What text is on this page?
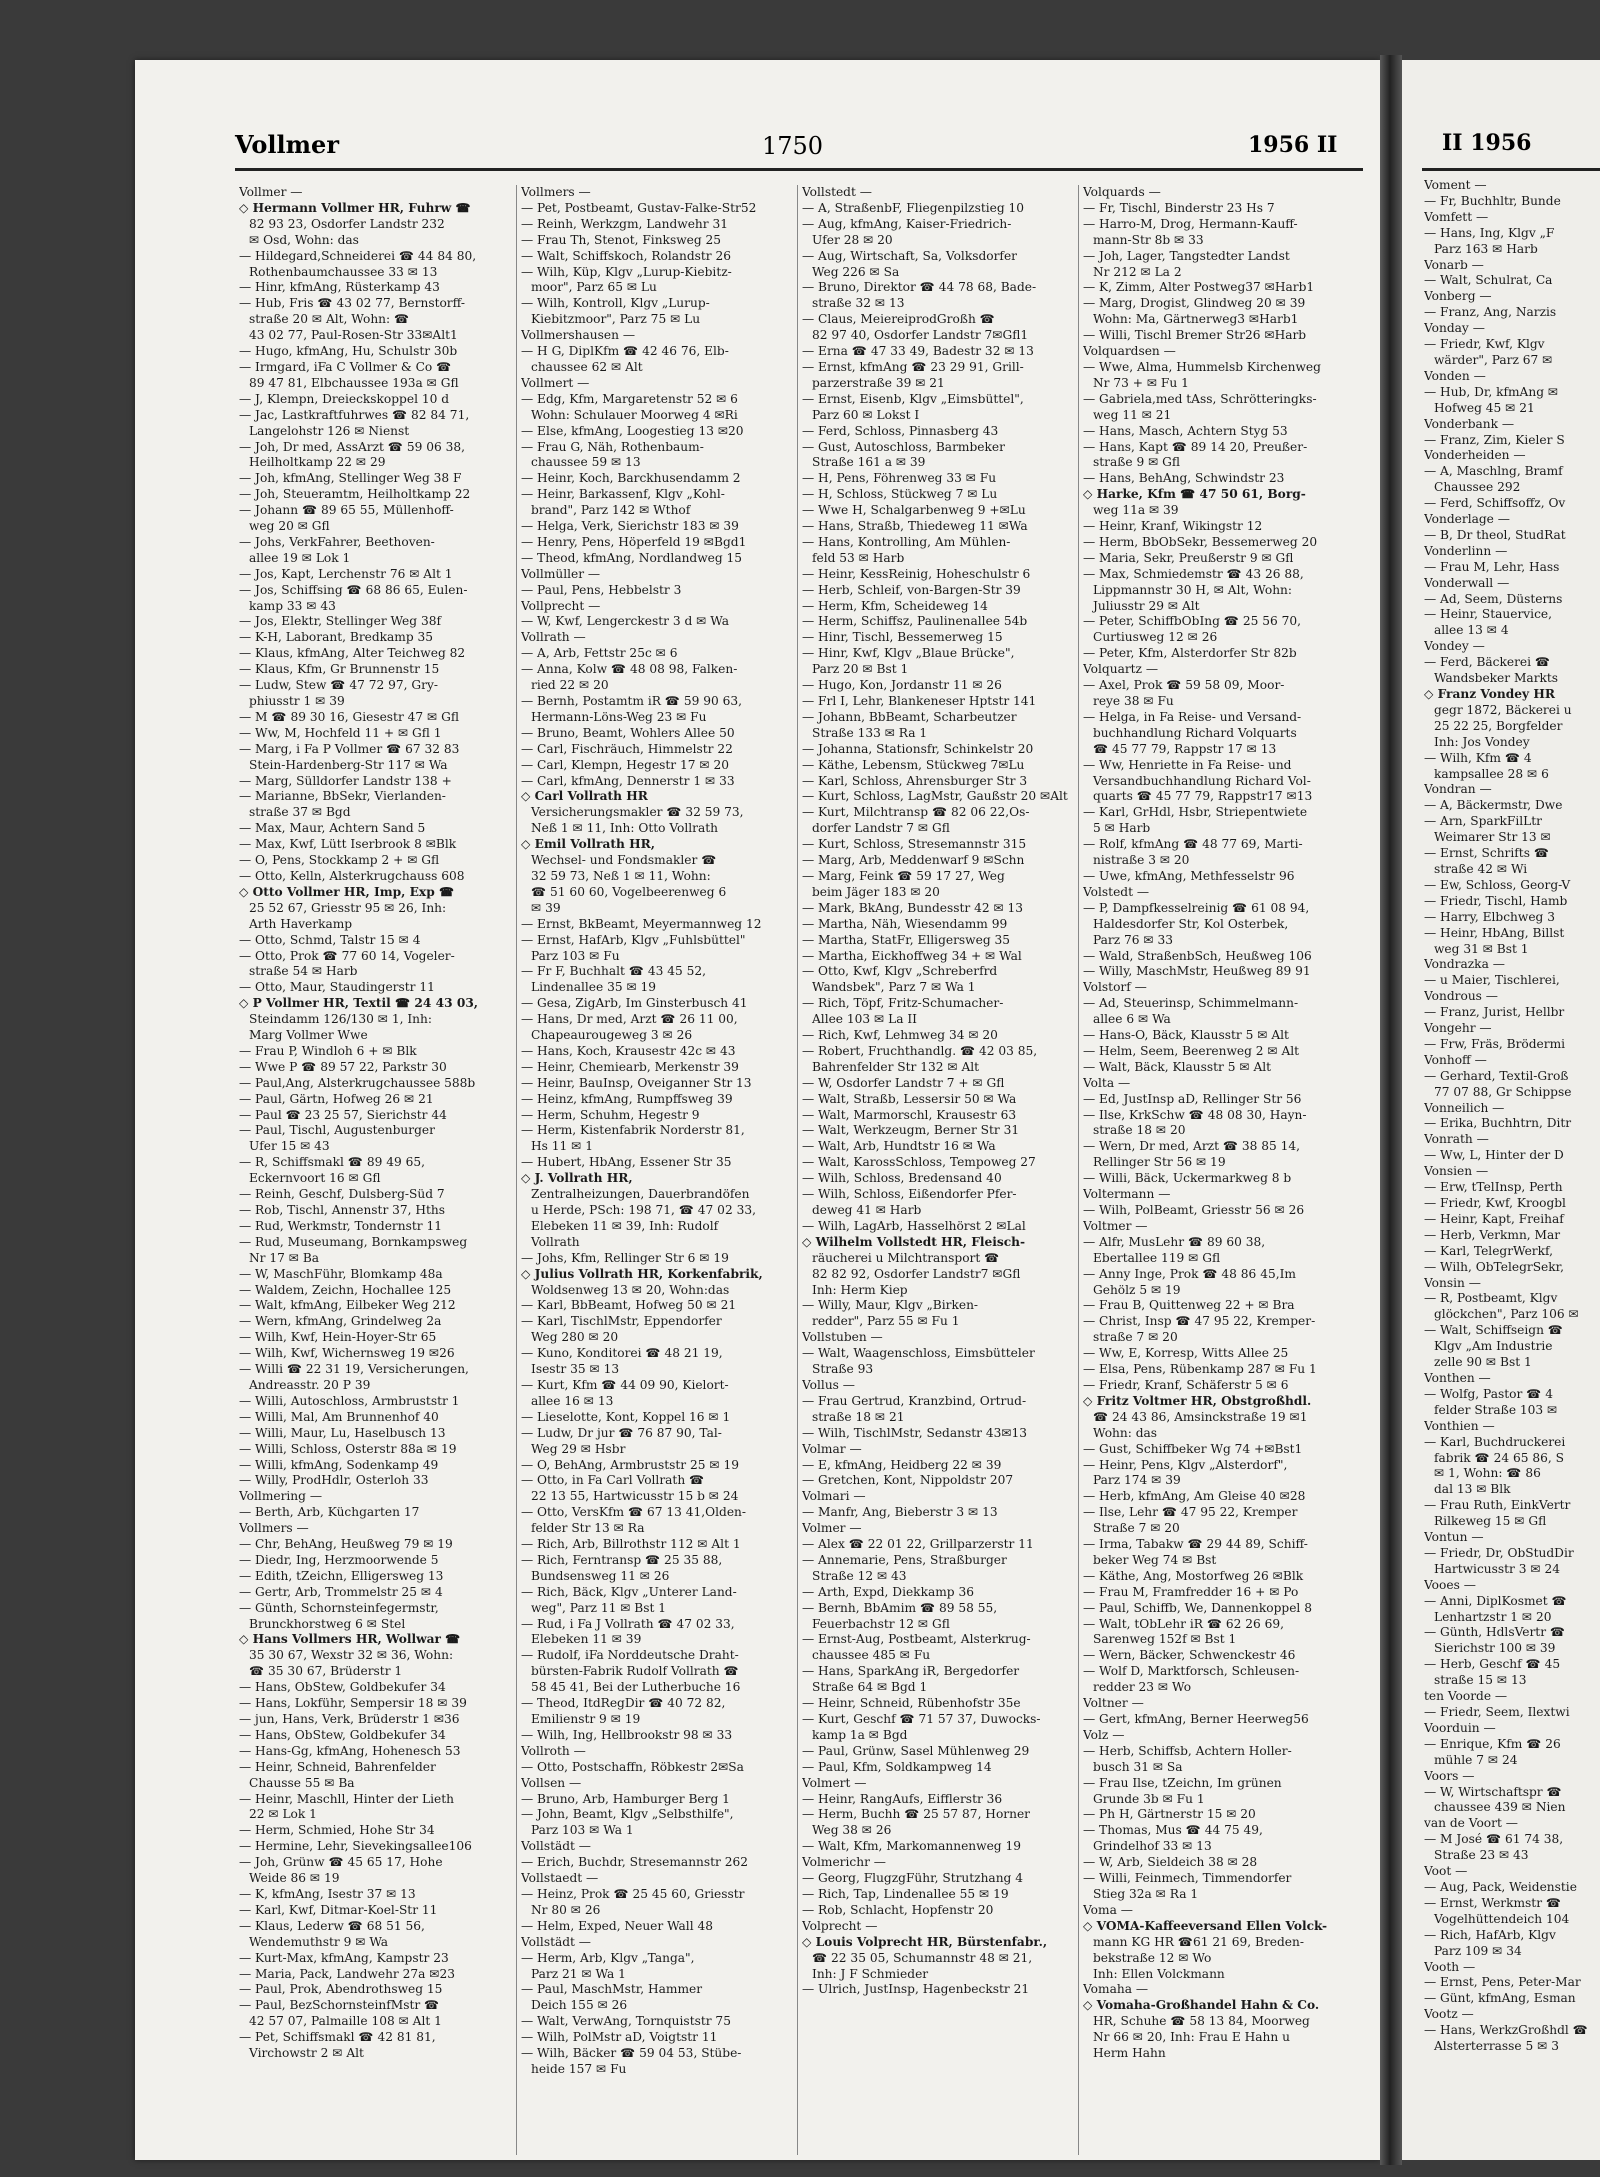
Vollmer —
◇ Hermann Vollmer HR, Fuhrw ☎
82 93 23, Osdorfer Landstr 232
✉ Osd, Wohn: das
— Hildegard,Schneiderei ☎ 44 84 80,
Rothenbaumchaussee 33 ✉ 13
— Hinr, kfmAng, Rüsterkamp 43
— Hub, Fris ☎ 43 02 77, Bernstorff-
straße 20 ✉ Alt, Wohn: ☎
43 02 77, Paul-Rosen-Str 33✉Alt1
— Hugo, kfmAng, Hu, Schulstr 30b
— Irmgard, iFa C Vollmer & Co ☎
89 47 81, Elbchaussee 193a ✉ Gfl
— J, Klempn, Dreieckskoppel 10 d
— Jac, Lastkraftfuhrwes ☎ 82 84 71,
Langelohstr 126 ✉ Nienst
— Joh, Dr med, AssArzt ☎ 59 06 38,
Heilholtkamp 22 ✉ 29
— Joh, kfmAng, Stellinger Weg 38 F
— Joh, Steueramtm, Heilholtkamp 22
— Johann ☎ 89 65 55, Müllenhoff-
weg 20 ✉ Gfl
— Johs, VerkFahrer, Beethoven-
allee 19 ✉ Lok 1
— Jos, Kapt, Lerchenstr 76 ✉ Alt 1
— Jos, Schiffsing ☎ 68 86 65, Eulen-
kamp 33 ✉ 43
— Jos, Elektr, Stellinger Weg 38f
— K-H, Laborant, Bredkamp 35
— Klaus, kfmAng, Alter Teichweg 82
— Klaus, Kfm, Gr Brunnenstr 15
— Ludw, Stew ☎ 47 72 97, Gry-
phiusstr 1 ✉ 39
— M ☎ 89 30 16, Giesestr 47 ✉ Gfl
— Ww, M, Hochfeld 11 + ✉ Gfl 1
— Marg, i Fa P Vollmer ☎ 67 32 83
Stein-Hardenberg-Str 117 ✉ Wa
— Marg, Sülldorfer Landstr 138 +
— Marianne, BbSekr, Vierlanden-
straße 37 ✉ Bgd
— Max, Maur, Achtern Sand 5
— Max, Kwf, Lütt Iserbrook 8 ✉Blk
— O, Pens, Stockkamp 2 + ✉ Gfl
— Otto, Kelln, Alsterkrugchauss 608
◇ Otto Vollmer HR, Imp, Exp ☎
25 52 67, Griesstr 95 ✉ 26, Inh:
Arth Haverkamp
— Otto, Schmd, Talstr 15 ✉ 4
— Otto, Prok ☎ 77 60 14, Vogeler-
straße 54 ✉ Harb
— Otto, Maur, Staudingerstr 11
◇ P Vollmer HR, Textil ☎ 24 43 03,
Steindamm 126/130 ✉ 1, Inh:
Marg Vollmer Wwe
— Frau P, Windloh 6 + ✉ Blk
— Wwe P ☎ 89 57 22, Parkstr 30
— Paul,Ang, Alsterkrugchaussee 588b
— Paul, Gärtn, Hofweg 26 ✉ 21
— Paul ☎ 23 25 57, Sierichstr 44
— Paul, Tischl, Augustenburger
Ufer 15 ✉ 43
— R, Schiffsmakl ☎ 89 49 65,
Eckernvoort 16 ✉ Gfl
— Reinh, Geschf, Dulsberg-Süd 7
— Rob, Tischl, Annenstr 37, Hths
— Rud, Werkmstr, Tondernstr 11
— Rud, Museumang, Bornkampsweg
Nr 17 ✉ Ba
— W, MaschFühr, Blomkamp 48a
— Waldem, Zeichn, Hochallee 125
— Walt, kfmAng, Eilbeker Weg 212
— Wern, kfmAng, Grindelweg 2a
— Wilh, Kwf, Hein-Hoyer-Str 65
— Wilh, Kwf, Wichernsweg 19 ✉26
— Willi ☎ 22 31 19, Versicherungen,
Andreasstr. 20 P 39
— Willi, Autoschloss, Armbruststr 1
— Willi, Mal, Am Brunnenhof 40
— Willi, Maur, Lu, Haselbusch 13
— Willi, Schloss, Osterstr 88a ✉ 19
— Willi, kfmAng, Sodenkamp 49
— Willy, ProdHdlr, Osterloh 33
Vollmering —
— Berth, Arb, Küchgarten 17
Vollmers —
— Chr, BehAng, Heußweg 79 ✉ 19
— Diedr, Ing, Herzmoorwende 5
— Edith, tZeichn, Elligersweg 13
— Gertr, Arb, Trommelstr 25 ✉ 4
— Günth, Schornsteinfegermstr,
Brunckhorstweg 6 ✉ Stel
◇ Hans Vollmers HR, Wollwar ☎
35 30 67, Wexstr 32 ✉ 36, Wohn:
☎ 35 30 67, Brüderstr 1
— Hans, ObStew, Goldbekufer 34
— Hans, Lokführ, Sempersir 18 ✉ 39
— jun, Hans, Verk, Brüderstr 1 ✉36
— Hans, ObStew, Goldbekufer 34
— Hans-Gg, kfmAng, Hohenesch 53
— Heinr, Schneid, Bahrenfelder
Chausse 55 ✉ Ba
— Heinr, Maschll, Hinter der Lieth
22 ✉ Lok 1
— Herm, Schmied, Hohe Str 34
— Hermine, Lehr, Sievekingsallee106
— Joh, Grünw ☎ 45 65 17, Hohe
Weide 86 ✉ 19
— K, kfmAng, Isestr 37 ✉ 13
— Karl, Kwf, Ditmar-Koel-Str 11
— Klaus, Lederw ☎ 68 51 56,
Wendemuthstr 9 ✉ Wa
— Kurt-Max, kfmAng, Kampstr 23
— Maria, Pack, Landwehr 27a ✉23
— Paul, Prok, Abendrothsweg 15
— Paul, BezSchornsteinfMstr ☎
42 57 07, Palmaille 108 ✉ Alt 1
— Pet, Schiffsmakl ☎ 42 81 81,
Virchowstr 2 ✉ Alt
Vollmers —
— Pet, Postbeamt, Gustav-Falke-Str52
— Reinh, Werkzgm, Landwehr 31
— Frau Th, Stenot, Finksweg 25
— Walt, Schiffskoch, Rolandstr 26
— Wilh, Küp, Klgv „Lurup-Kiebitz-
moor", Parz 65 ✉ Lu
— Wilh, Kontroll, Klgv „Lurup-
Kiebitzmoor", Parz 75 ✉ Lu
Vollmershausen —
— H G, DiplKfm ☎ 42 46 76, Elb-
chaussee 62 ✉ Alt
Vollmert —
— Edg, Kfm, Margaretenstr 52 ✉ 6
Wohn: Schulauer Moorweg 4 ✉Ri
— Else, kfmAng, Loogestieg 13 ✉20
— Frau G, Näh, Rothenbaum-
chaussee 59 ✉ 13
— Heinr, Koch, Barckhusendamm 2
— Heinr, Barkassenf, Klgv „Kohl-
brand", Parz 142 ✉ Wthof
— Helga, Verk, Sierichstr 183 ✉ 39
— Henry, Pens, Höperfeld 19 ✉Bgd1
— Theod, kfmAng, Nordlandweg 15
Vollmüller —
— Paul, Pens, Hebbelstr 3
Vollprecht —
— W, Kwf, Lengerckestr 3 d ✉ Wa
Vollrath —
— A, Arb, Fettstr 25c ✉ 6
— Anna, Kolw ☎ 48 08 98, Falken-
ried 22 ✉ 20
— Bernh, Postamtm iR ☎ 59 90 63,
Hermann-Löns-Weg 23 ✉ Fu
— Bruno, Beamt, Wohlers Allee 50
— Carl, Fischräuch, Himmelstr 22
— Carl, Klempn, Hegestr 17 ✉ 20
— Carl, kfmAng, Dennerstr 1 ✉ 33
◇ Carl Vollrath HR
Versicherungsmakler ☎ 32 59 73,
Neß 1 ✉ 11, Inh: Otto Vollrath
◇ Emil Vollrath HR,
Wechsel- und Fondsmakler ☎
32 59 73, Neß 1 ✉ 11, Wohn:
☎ 51 60 60, Vogelbeerenweg 6
✉ 39
— Ernst, BkBeamt, Meyermannweg 12
— Ernst, HafArb, Klgv „Fuhlsbüttel"
Parz 103 ✉ Fu
— Fr F, Buchhalt ☎ 43 45 52,
Lindenallee 35 ✉ 19
— Gesa, ZigArb, Im Ginsterbusch 41
— Hans, Dr med, Arzt ☎ 26 11 00,
Chapeaurougeweg 3 ✉ 26
— Hans, Koch, Krausestr 42c ✉ 43
— Heinr, Chemiearb, Merkenstr 39
— Heinr, BauInsp, Oveiganner Str 13
— Heinz, kfmAng, Rumpffsweg 39
— Herm, Schuhm, Hegestr 9
— Herm, Kistenfabrik Norderstr 81,
Hs 11 ✉ 1
— Hubert, HbAng, Essener Str 35
◇ J. Vollrath HR,
Zentralheizungen, Dauerbrandöfen
u Herde, PSch: 198 71, ☎ 47 02 33,
Elebeken 11 ✉ 39, Inh: Rudolf
Vollrath
— Johs, Kfm, Rellinger Str 6 ✉ 19
◇ Julius Vollrath HR, Korkenfabrik,
Woldsenweg 13 ✉ 20, Wohn:das
— Karl, BbBeamt, Hofweg 50 ✉ 21
— Karl, TischlMstr, Eppendorfer
Weg 280 ✉ 20
— Kuno, Konditorei ☎ 48 21 19,
Isestr 35 ✉ 13
— Kurt, Kfm ☎ 44 09 90, Kielort-
allee 16 ✉ 13
— Lieselotte, Kont, Koppel 16 ✉ 1
— Ludw, Dr jur ☎ 76 87 90, Tal-
Weg 29 ✉ Hsbr
— O, BehAng, Armbruststr 25 ✉ 19
— Otto, in Fa Carl Vollrath ☎
22 13 55, Hartwicusstr 15 b ✉ 24
— Otto, VersKfm ☎ 67 13 41,Olden-
felder Str 13 ✉ Ra
— Rich, Arb, Billrothstr 112 ✉ Alt 1
— Rich, Ferntransp ☎ 25 35 88,
Bundsensweg 11 ✉ 26
— Rich, Bäck, Klgv „Unterer Land-
weg", Parz 11 ✉ Bst 1
— Rud, i Fa J Vollrath ☎ 47 02 33,
Elebeken 11 ✉ 39
— Rudolf, iFa Norddeutsche Draht-
bürsten-Fabrik Rudolf Vollrath ☎
58 45 41, Bei der Lutherbuche 16
— Theod, ItdRegDir ☎ 40 72 82,
Emilienstr 9 ✉ 19
— Wilh, Ing, Hellbrookstr 98 ✉ 33
Vollroth —
— Otto, Postschaffn, Röbkestr 2✉Sa
Vollsen —
— Bruno, Arb, Hamburger Berg 1
— John, Beamt, Klgv „Selbsthilfe",
Parz 103 ✉ Wa 1
Vollstädt —
— Erich, Buchdr, Stresemannstr 262
Vollstaedt —
— Heinz, Prok ☎ 25 45 60, Griesstr
Nr 80 ✉ 26
— Helm, Exped, Neuer Wall 48
Vollstädt —
— Herm, Arb, Klgv „Tanga",
Parz 21 ✉ Wa 1
— Paul, MaschMstr, Hammer
Deich 155 ✉ 26
— Walt, VerwAng, Tornquiststr 75
— Wilh, PolMstr aD, Voigtstr 11
— Wilh, Bäcker ☎ 59 04 53, Stübe-
heide 157 ✉ Fu
Vollstedt —
— A, StraßenbF, Fliegenpilzstieg 10
— Aug, kfmAng, Kaiser-Friedrich-
Ufer 28 ✉ 20
— Aug, Wirtschaft, Sa, Volksdorfer
Weg 226 ✉ Sa
— Bruno, Direktor ☎ 44 78 68, Bade-
straße 32 ✉ 13
— Claus, MeiereiprodGroßh ☎
82 97 40, Osdorfer Landstr 7✉Gfl1
— Erna ☎ 47 33 49, Badestr 32 ✉ 13
— Ernst, kfmAng ☎ 23 29 91, Grill-
parzerstraße 39 ✉ 21
— Ernst, Eisenb, Klgv „Eimsbüttel",
Parz 60 ✉ Lokst I
— Ferd, Schloss, Pinnasberg 43
— Gust, Autoschloss, Barmbeker
Straße 161 a ✉ 39
— H, Pens, Föhrenweg 33 ✉ Fu
— H, Schloss, Stückweg 7 ✉ Lu
— Wwe H, Schalgarbenweg 9 +✉Lu
— Hans, Straßb, Thiedeweg 11 ✉Wa
— Hans, Kontrolling, Am Mühlen-
feld 53 ✉ Harb
— Heinr, KessReinig, Hoheschulstr 6
— Herb, Schleif, von-Bargen-Str 39
— Herm, Kfm, Scheideweg 14
— Herm, Schiffsz, Paulinenallee 54b
— Hinr, Tischl, Bessemerweg 15
— Hinr, Kwf, Klgv „Blaue Brücke",
Parz 20 ✉ Bst 1
— Hugo, Kon, Jordanstr 11 ✉ 26
— Frl I, Lehr, Blankeneser Hptstr 141
— Johann, BbBeamt, Scharbeutzer
Straße 133 ✉ Ra 1
— Johanna, Stationsfr, Schinkelstr 20
— Käthe, Lebensm, Stückweg 7✉Lu
— Karl, Schloss, Ahrensburger Str 3
— Kurt, Schloss, LagMstr, Gaußstr 20 ✉Alt
— Kurt, Milchtransp ☎ 82 06 22,Os-
dorfer Landstr 7 ✉ Gfl
— Kurt, Schloss, Stresemannstr 315
— Marg, Arb, Meddenwarf 9 ✉Schn
— Marg, Feink ☎ 59 17 27, Weg
beim Jäger 183 ✉ 20
— Mark, BkAng, Bundesstr 42 ✉ 13
— Martha, Näh, Wiesendamm 99
— Martha, StatFr, Elligersweg 35
— Martha, Eickhoffweg 34 + ✉ Wal
— Otto, Kwf, Klgv „Schreberfrd
Wandsbek", Parz 7 ✉ Wa 1
— Rich, Töpf, Fritz-Schumacher-
Allee 103 ✉ La II
— Rich, Kwf, Lehmweg 34 ✉ 20
— Robert, Fruchthandlg. ☎ 42 03 85,
Bahrenfelder Str 132 ✉ Alt
— W, Osdorfer Landstr 7 + ✉ Gfl
— Walt, Straßb, Lessersir 50 ✉ Wa
— Walt, Marmorschl, Krausestr 63
— Walt, Werkzeugm, Berner Str 31
— Walt, Arb, Hundtstr 16 ✉ Wa
— Walt, KarossSchloss, Tempoweg 27
— Wilh, Schloss, Bredensand 40
— Wilh, Schloss, Eißendorfer Pfer-
deweg 41 ✉ Harb
— Wilh, LagArb, Hasselhörst 2 ✉Lal
◇ Wilhelm Vollstedt HR, Fleisch-
räucherei u Milchtransport ☎
82 82 92, Osdorfer Landstr7 ✉Gfl
Inh: Herm Kiep
— Willy, Maur, Klgv „Birken-
redder", Parz 55 ✉ Fu 1
Vollstuben —
— Walt, Waagenschloss, Eimsbütteler
Straße 93
Vollus —
— Frau Gertrud, Kranzbind, Ortrud-
straße 18 ✉ 21
— Wilh, TischlMstr, Sedanstr 43✉13
Volmar —
— E, kfmAng, Heidberg 22 ✉ 39
— Gretchen, Kont, Nippoldstr 207
Volmari —
— Manfr, Ang, Bieberstr 3 ✉ 13
Volmer —
— Alex ☎ 22 01 22, Grillparzerstr 11
— Annemarie, Pens, Straßburger
Straße 12 ✉ 43
— Arth, Expd, Diekkamp 36
— Bernh, BbAmim ☎ 89 58 55,
Feuerbachstr 12 ✉ Gfl
— Ernst-Aug, Postbeamt, Alsterkrug-
chaussee 485 ✉ Fu
— Hans, SparkAng iR, Bergedorfer
Straße 64 ✉ Bgd 1
— Heinr, Schneid, Rübenhofstr 35e
— Kurt, Geschf ☎ 71 57 37, Duwocks-
kamp 1a ✉ Bgd
— Paul, Grünw, Sasel Mühlenweg 29
— Paul, Kfm, Soldkampweg 14
Volmert —
— Heinr, RangAufs, Eifflerstr 36
— Herm, Buchh ☎ 25 57 87, Horner
Weg 38 ✉ 26
— Walt, Kfm, Markomannenweg 19
Volmerichr —
— Georg, FlugzgFühr, Strutzhang 4
— Rich, Tap, Lindenallee 55 ✉ 19
— Rob, Schlacht, Hopfenstr 20
Volprecht —
◇ Louis Volprecht HR, Bürstenfabr.,
☎ 22 35 05, Schumannstr 48 ✉ 21,
Inh: J F Schmieder
— Ulrich, JustInsp, Hagenbeckstr 21
Volquards —
— Fr, Tischl, Binderstr 23 Hs 7
— Harro-M, Drog, Hermann-Kauff-
mann-Str 8b ✉ 33
— Joh, Lager, Tangstedter Landst
Nr 212 ✉ La 2
— K, Zimm, Alter Postweg37 ✉Harb1
— Marg, Drogist, Glindweg 20 ✉ 39
Wohn: Ma, Gärtnerweg3 ✉Harb1
— Willi, Tischl Bremer Str26 ✉Harb
Volquardsen —
— Wwe, Alma, Hummelsb Kirchenweg
Nr 73 + ✉ Fu 1
— Gabriela,med tAss, Schrötteringks-
weg 11 ✉ 21
— Hans, Masch, Achtern Styg 53
— Hans, Kapt ☎ 89 14 20, Preußer-
straße 9 ✉ Gfl
— Hans, BehAng, Schwindstr 23
◇ Harke, Kfm ☎ 47 50 61, Borg-
weg 11a ✉ 39
— Heinr, Kranf, Wikingstr 12
— Herm, BbObSekr, Bessemerweg 20
— Maria, Sekr, Preußerstr 9 ✉ Gfl
— Max, Schmiedemstr ☎ 43 26 88,
Lippmannstr 30 H, ✉ Alt, Wohn:
Juliusstr 29 ✉ Alt
— Peter, SchiffbObIng ☎ 25 56 70,
Curtiusweg 12 ✉ 26
— Peter, Kfm, Alsterdorfer Str 82b
Volquartz —
— Axel, Prok ☎ 59 58 09, Moor-
reye 38 ✉ Fu
— Helga, in Fa Reise- und Versand-
buchhandlung Richard Volquarts
☎ 45 77 79, Rappstr 17 ✉ 13
— Ww, Henriette in Fa Reise- und
Versandbuchhandlung Richard Vol-
quarts ☎ 45 77 79, Rappstr17 ✉13
— Karl, GrHdl, Hsbr, Striepentwiete
5 ✉ Harb
— Rolf, kfmAng ☎ 48 77 69, Marti-
nistraße 3 ✉ 20
— Uwe, kfmAng, Methfesselstr 96
Volstedt —
— P, Dampfkesselreinig ☎ 61 08 94,
Haldesdorfer Str, Kol Osterbek,
Parz 76 ✉ 33
— Wald, StraßenbSch, Heußweg 106
— Willy, MaschMstr, Heußweg 89 91
Volstorf —
— Ad, Steuerinsp, Schimmelmann-
allee 6 ✉ Wa
— Hans-O, Bäck, Klausstr 5 ✉ Alt
— Helm, Seem, Beerenweg 2 ✉ Alt
— Walt, Bäck, Klausstr 5 ✉ Alt
Volta —
— Ed, JustInsp aD, Rellinger Str 56
— Ilse, KrkSchw ☎ 48 08 30, Hayn-
straße 18 ✉ 20
— Wern, Dr med, Arzt ☎ 38 85 14,
Rellinger Str 56 ✉ 19
— Willi, Bäck, Uckermarkweg 8 b
Voltermann —
— Wilh, PolBeamt, Griesstr 56 ✉ 26
Voltmer —
— Alfr, MusLehr ☎ 89 60 38,
Ebertallee 119 ✉ Gfl
— Anny Inge, Prok ☎ 48 86 45,Im
Gehölz 5 ✉ 19
— Frau B, Quittenweg 22 + ✉ Bra
— Christ, Insp ☎ 47 95 22, Kremper-
straße 7 ✉ 20
— Ww, E, Korresp, Witts Allee 25
— Elsa, Pens, Rübenkamp 287 ✉ Fu 1
— Friedr, Kranf, Schäferstr 5 ✉ 6
◇ Fritz Voltmer HR, Obstgroßhdl.
☎ 24 43 86, Amsinckstraße 19 ✉1
Wohn: das
— Gust, Schiffbeker Wg 74 +✉Bst1
— Heinr, Pens, Klgv „Alsterdorf",
Parz 174 ✉ 39
— Herb, kfmAng, Am Gleise 40 ✉28
— Ilse, Lehr ☎ 47 95 22, Kremper
Straße 7 ✉ 20
— Irma, Tabakw ☎ 29 44 89, Schiff-
beker Weg 74 ✉ Bst
— Käthe, Ang, Mostorfweg 26 ✉Blk
— Frau M, Framfredder 16 + ✉ Po
— Paul, Schiffb, We, Dannenkoppel 8
— Walt, tObLehr iR ☎ 62 26 69,
Sarenweg 152f ✉ Bst 1
— Wern, Bäcker, Schwenckestr 46
— Wolf D, Marktforsch, Schleusen-
redder 23 ✉ Wo
Voltner —
— Gert, kfmAng, Berner Heerweg56
Volz —
— Herb, Schiffsb, Achtern Holler-
busch 31 ✉ Sa
— Frau Ilse, tZeichn, Im grünen
Grunde 3b ✉ Fu 1
— Ph H, Gärtnerstr 15 ✉ 20
— Thomas, Mus ☎ 44 75 49,
Grindelhof 33 ✉ 13
— W, Arb, Sieldeich 38 ✉ 28
— Willi, Feinmech, Timmendorfer
Stieg 32a ✉ Ra 1
Voma —
◇ VOMA-Kaffeeversand Ellen Volck-
mann KG HR ☎61 21 69, Breden-
bekstraße 12 ✉ Wo
Inh: Ellen Volckmann
Vomaha —
◇ Vomaha-Großhandel Hahn & Co.
HR, Schuhe ☎ 58 13 84, Moorweg
Nr 66 ✉ 20, Inh: Frau E Hahn u
Herm Hahn
Vollmer	1750	1956 II	II 1956
Voment —
— Fr, Buchhltr, Bunde
Vomfett —
— Hans, Ing, Klgv „F
Parz 163 ✉ Harb
Vonarb —
— Walt, Schulrat, Ca
Vonberg —
— Franz, Ang, Narzis
Vonday —
— Friedr, Kwf, Klgv
wärder", Parz 67 ✉
Vonden —
— Hub, Dr, kfmAng ✉
Hofweg 45 ✉ 21
Vonderbank —
— Franz, Zim, Kieler S
Vonderheiden —
— A, Maschlng, Bramf
Chaussee 292
— Ferd, Schiffsoffz, Ov
Vonderlage —
— B, Dr theol, StudRat
Vonderlinn —
— Frau M, Lehr, Hass
Vonderwall —
— Ad, Seem, Düsterns
— Heinr, Stauervice,
allee 13 ✉ 4
Vondey —
— Ferd, Bäckerei ☎
Wandsbeker Markts
◇ Franz Vondey HR
gegr 1872, Bäckerei u
25 22 25, Borgfelder
Inh: Jos Vondey
— Wilh, Kfm ☎ 4
kampsallee 28 ✉ 6
Vondran —
— A, Bäckermstr, Dwe
— Arn, SparkFilLtr
Weimarer Str 13 ✉
— Ernst, Schrifts ☎
straße 42 ✉ Wi
— Ew, Schloss, Georg-V
— Friedr, Tischl, Hamb
— Harry, Elbchweg 3
— Heinr, HbAng, Billst
weg 31 ✉ Bst 1
Vondrazka —
— u Maier, Tischlerei,
Vondrous —
— Franz, Jurist, Hellbr
Vongehr —
— Frw, Fräs, Brödermi
Vonhoff —
— Gerhard, Textil-Groß
77 07 88, Gr Schippse
Vonneilich —
— Erika, Buchhtrn, Ditr
Vonrath —
— Ww, L, Hinter der D
Vonsien —
— Erw, tTelInsp, Perth
— Friedr, Kwf, Kroogbl
— Heinr, Kapt, Freihaf
— Herb, Verkmn, Mar
— Karl, TelegrWerkf,
— Wilh, ObTelegrSekr,
Vonsin —
— R, Postbeamt, Klgv
glöckchen", Parz 106 ✉
— Walt, Schiffseign ☎
Klgv „Am Industrie
zelle 90 ✉ Bst 1
Vonthen —
— Wolfg, Pastor ☎ 4
felder Straße 103 ✉
Vonthien —
— Karl, Buchdruckerei
fabrik ☎ 24 65 86, S
✉ 1, Wohn: ☎ 86
dal 13 ✉ Blk
— Frau Ruth, EinkVertr
Rilkeweg 15 ✉ Gfl
Vontun —
— Friedr, Dr, ObStudDir
Hartwicusstr 3 ✉ 24
Vooes —
— Anni, DiplKosmet ☎
Lenhartzstr 1 ✉ 20
— Günth, HdlsVertr ☎
Sierichstr 100 ✉ 39
— Herb, Geschf ☎ 45
straße 15 ✉ 13
ten Voorde —
— Friedr, Seem, Ilextwi
Voorduin —
— Enrique, Kfm ☎ 26
mühle 7 ✉ 24
Voors —
— W, Wirtschaftspr ☎
chaussee 439 ✉ Nien
van de Voort —
— M José ☎ 61 74 38,
Straße 23 ✉ 43
Voot —
— Aug, Pack, Weidenstie
— Ernst, Werkmstr ☎
Vogelhüttendeich 104
— Rich, HafArb, Klgv
Parz 109 ✉ 34
Vooth —
— Ernst, Pens, Peter-Mar
— Günt, kfmAng, Esman
Vootz —
— Hans, WerkzGroßhdl ☎
Alsterterrasse 5 ✉ 3
